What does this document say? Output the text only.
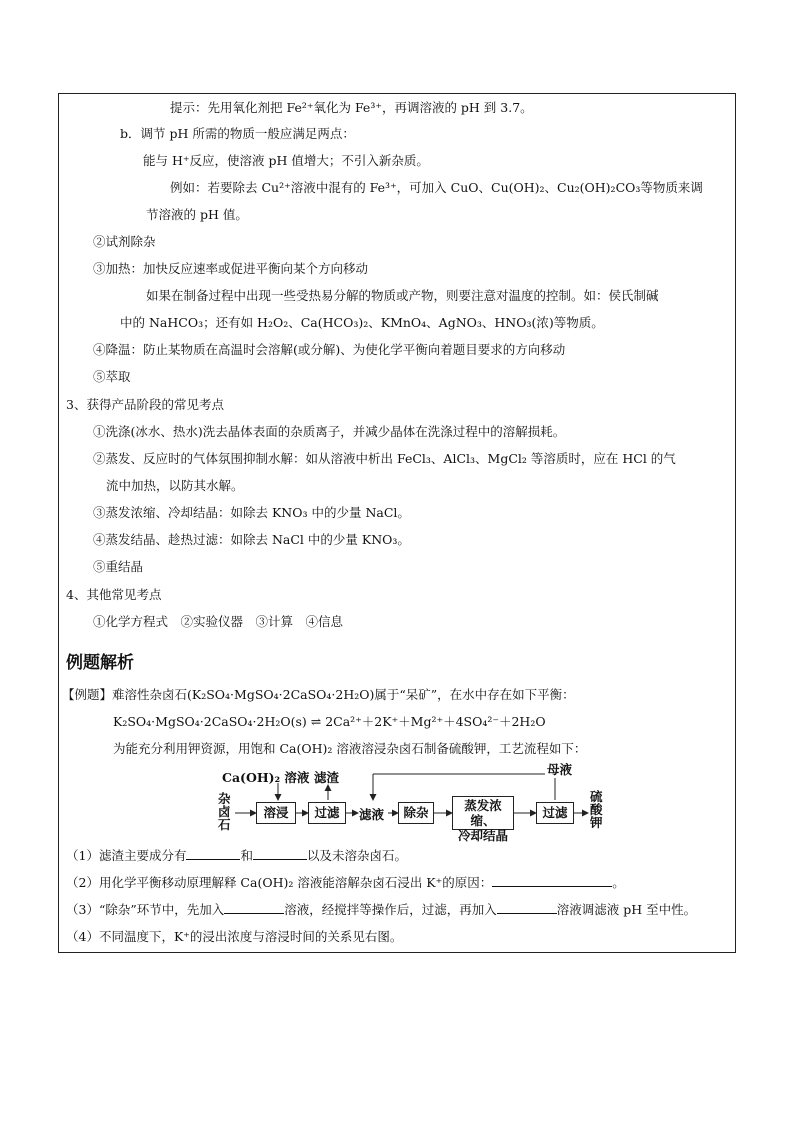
提示：先用氧化剂把 Fe²⁺氧化为 Fe³⁺，再调溶液的 pH 到 3.7。
b．调节 pH 所需的物质一般应满足两点：
能与 H⁺反应，使溶液 pH 值增大；不引入新杂质。
例如：若要除去 Cu²⁺溶液中混有的 Fe³⁺，可加入 CuO、Cu(OH)₂、Cu₂(OH)₂CO₃等物质来调
节溶液的 pH 值。
②试剂除杂
③加热：加快反应速率或促进平衡向某个方向移动
如果在制备过程中出现一些受热易分解的物质或产物，则要注意对温度的控制。如：侯氏制碱
中的 NaHCO₃；还有如 H₂O₂、Ca(HCO₃)₂、KMnO₄、AgNO₃、HNO₃(浓)等物质。
④降温：防止某物质在高温时会溶解(或分解)、为使化学平衡向着题目要求的方向移动
⑤萃取
3、获得产品阶段的常见考点
①洗涤(冰水、热水)洗去晶体表面的杂质离子，并减少晶体在洗涤过程中的溶解损耗。
②蒸发、反应时的气体氛围抑制水解：如从溶液中析出 FeCl₃、AlCl₃、MgCl₂ 等溶质时，应在 HCl 的气
流中加热，以防其水解。
③蒸发浓缩、冷却结晶：如除去 KNO₃ 中的少量 NaCl。
④蒸发结晶、趁热过滤：如除去 NaCl 中的少量 KNO₃。
⑤重结晶
4、其他常见考点
①化学方程式　②实验仪器　③计算　④信息
例题解析
【例题】难溶性杂卤石(K₂SO₄·MgSO₄·2CaSO₄·2H₂O)属于“呆矿”，在水中存在如下平衡：
K₂SO₄·MgSO₄·2CaSO₄·2H₂O(s) ⇌ 2Ca²⁺＋2K⁺＋Mg²⁺＋4SO₄²⁻＋2H₂O
为能充分利用钾资源，用饱和 Ca(OH)₂ 溶液溶浸杂卤石制备硫酸钾，工艺流程如下：
Ca(OH)₂ 溶液 滤渣
母液
杂卤石
溶浸	过滤	滤液	除杂	蒸发浓缩、
冷却结晶
过滤
硫酸钾
（1）滤渣主要成分有	和	以及未溶杂卤石。
（2）用化学平衡移动原理解释 Ca(OH)₂ 溶液能溶解杂卤石浸出 K⁺的原因：	。
（3）“除杂”环节中，先加入	溶液，经搅拌等操作后，过滤，再加入	溶液调滤液 pH 至中性。
（4）不同温度下，K⁺的浸出浓度与溶浸时间的关系见右图。
